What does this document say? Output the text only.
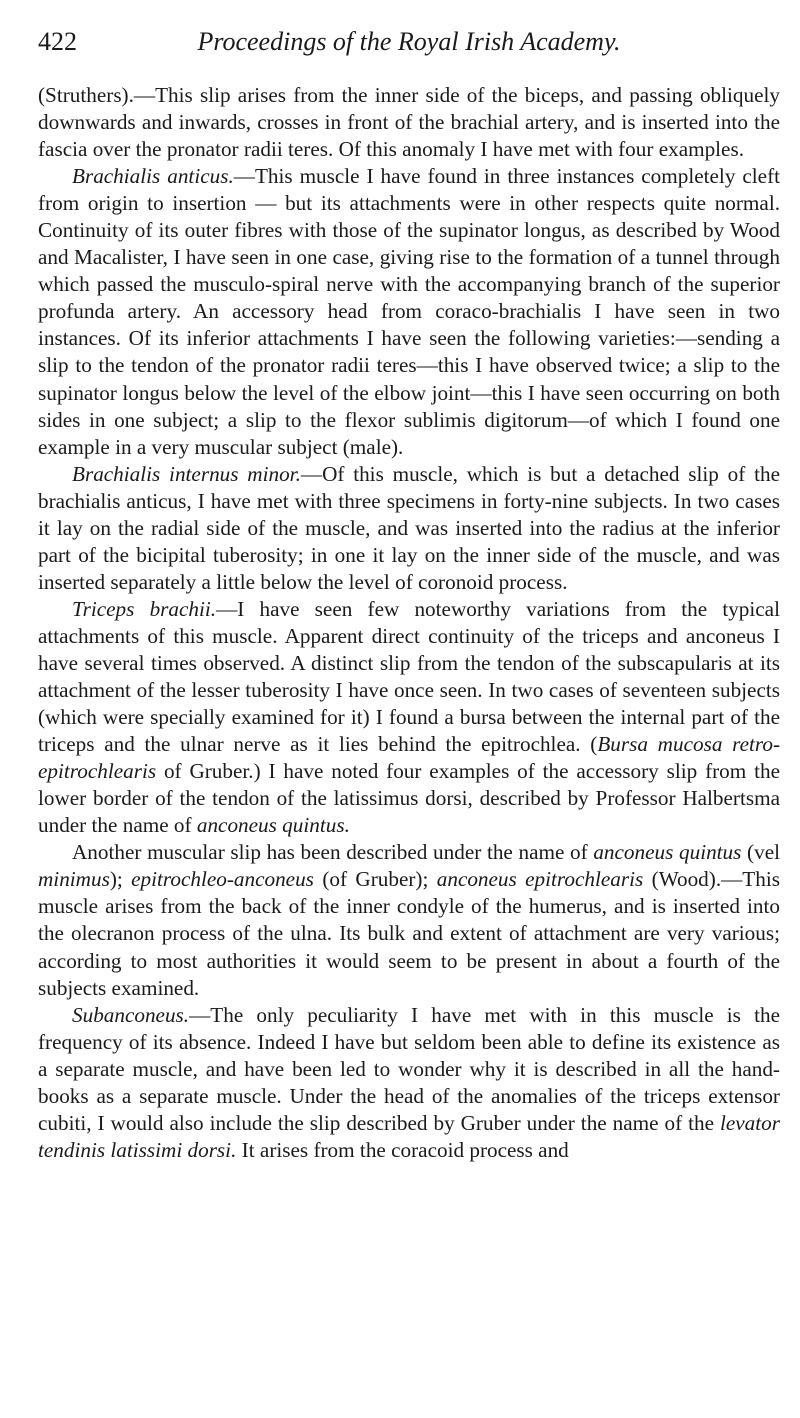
422	Proceedings of the Royal Irish Academy.

(Struthers).—This slip arises from the inner side of the biceps, and passing obliquely downwards and inwards, crosses in front of the brachial artery, and is inserted into the fascia over the pronator radii teres. Of this anomaly I have met with four examples.

Brachialis anticus.—This muscle I have found in three instances completely cleft from origin to insertion — but its attachments were in other respects quite normal. Continuity of its outer fibres with those of the supinator longus, as described by Wood and Macalister, I have seen in one case, giving rise to the formation of a tunnel through which passed the musculo-spiral nerve with the accompanying branch of the superior profunda artery. An accessory head from coraco-brachialis I have seen in two instances. Of its inferior attachments I have seen the following varieties:—sending a slip to the tendon of the pronator radii teres—this I have observed twice; a slip to the supinator longus below the level of the elbow joint—this I have seen occurring on both sides in one subject; a slip to the flexor sublimis digitorum—of which I found one example in a very muscular subject (male).

Brachialis internus minor.—Of this muscle, which is but a detached slip of the brachialis anticus, I have met with three specimens in forty-nine subjects. In two cases it lay on the radial side of the muscle, and was inserted into the radius at the inferior part of the bicipital tuberosity; in one it lay on the inner side of the muscle, and was inserted separately a little below the level of coronoid process.

Triceps brachii.—I have seen few noteworthy variations from the typical attachments of this muscle. Apparent direct continuity of the triceps and anconeus I have several times observed. A distinct slip from the tendon of the subscapularis at its attachment of the lesser tuberosity I have once seen. In two cases of seventeen subjects (which were specially examined for it) I found a bursa between the internal part of the triceps and the ulnar nerve as it lies behind the epitrochlea. (Bursa mucosa retro-epitrochlearis of Gruber.) I have noted four examples of the accessory slip from the lower border of the tendon of the latissimus dorsi, described by Professor Halbertsma under the name of anconeus quintus.

Another muscular slip has been described under the name of anconeus quintus (vel minimus); epitrochleo-anconeus (of Gruber); anconeus epitrochlearis (Wood).—This muscle arises from the back of the inner condyle of the humerus, and is inserted into the olecranon process of the ulna. Its bulk and extent of attachment are very various; according to most authorities it would seem to be present in about a fourth of the subjects examined.

Subanconeus.—The only peculiarity I have met with in this muscle is the frequency of its absence. Indeed I have but seldom been able to define its existence as a separate muscle, and have been led to wonder why it is described in all the hand-books as a separate muscle. Under the head of the anomalies of the triceps extensor cubiti, I would also include the slip described by Gruber under the name of the levator tendinis latissimi dorsi. It arises from the coracoid process and
